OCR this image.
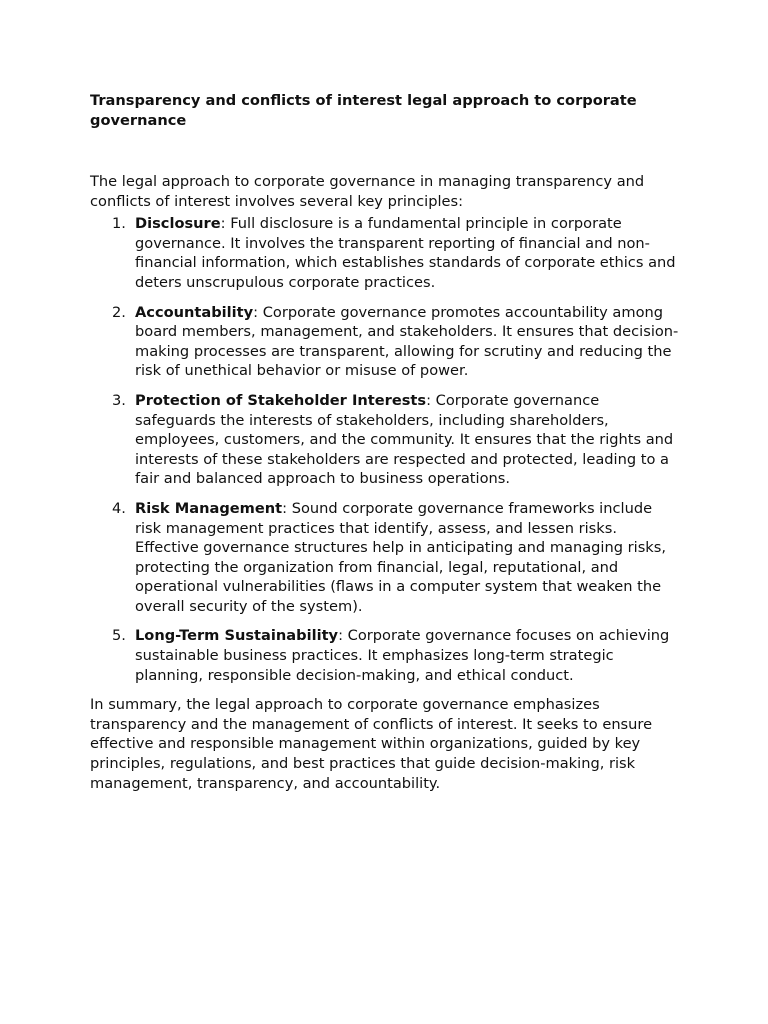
Transparency and conflicts of interest legal approach to corporate governance

The legal approach to corporate governance in managing transparency and conflicts of interest involves several key principles:

1. Disclosure: Full disclosure is a fundamental principle in corporate governance. It involves the transparent reporting of financial and non-financial information, which establishes standards of corporate ethics and deters unscrupulous corporate practices.
2. Accountability: Corporate governance promotes accountability among board members, management, and stakeholders. It ensures that decision-making processes are transparent, allowing for scrutiny and reducing the risk of unethical behavior or misuse of power.
3. Protection of Stakeholder Interests: Corporate governance safeguards the interests of stakeholders, including shareholders, employees, customers, and the community. It ensures that the rights and interests of these stakeholders are respected and protected, leading to a fair and balanced approach to business operations.
4. Risk Management: Sound corporate governance frameworks include risk management practices that identify, assess, and lessen risks. Effective governance structures help in anticipating and managing risks, protecting the organization from financial, legal, reputational, and operational vulnerabilities (flaws in a computer system that weaken the overall security of the system).
5. Long-Term Sustainability: Corporate governance focuses on achieving sustainable business practices. It emphasizes long-term strategic planning, responsible decision-making, and ethical conduct.

In summary, the legal approach to corporate governance emphasizes transparency and the management of conflicts of interest. It seeks to ensure effective and responsible management within organizations, guided by key principles, regulations, and best practices that guide decision-making, risk management, transparency, and accountability.
